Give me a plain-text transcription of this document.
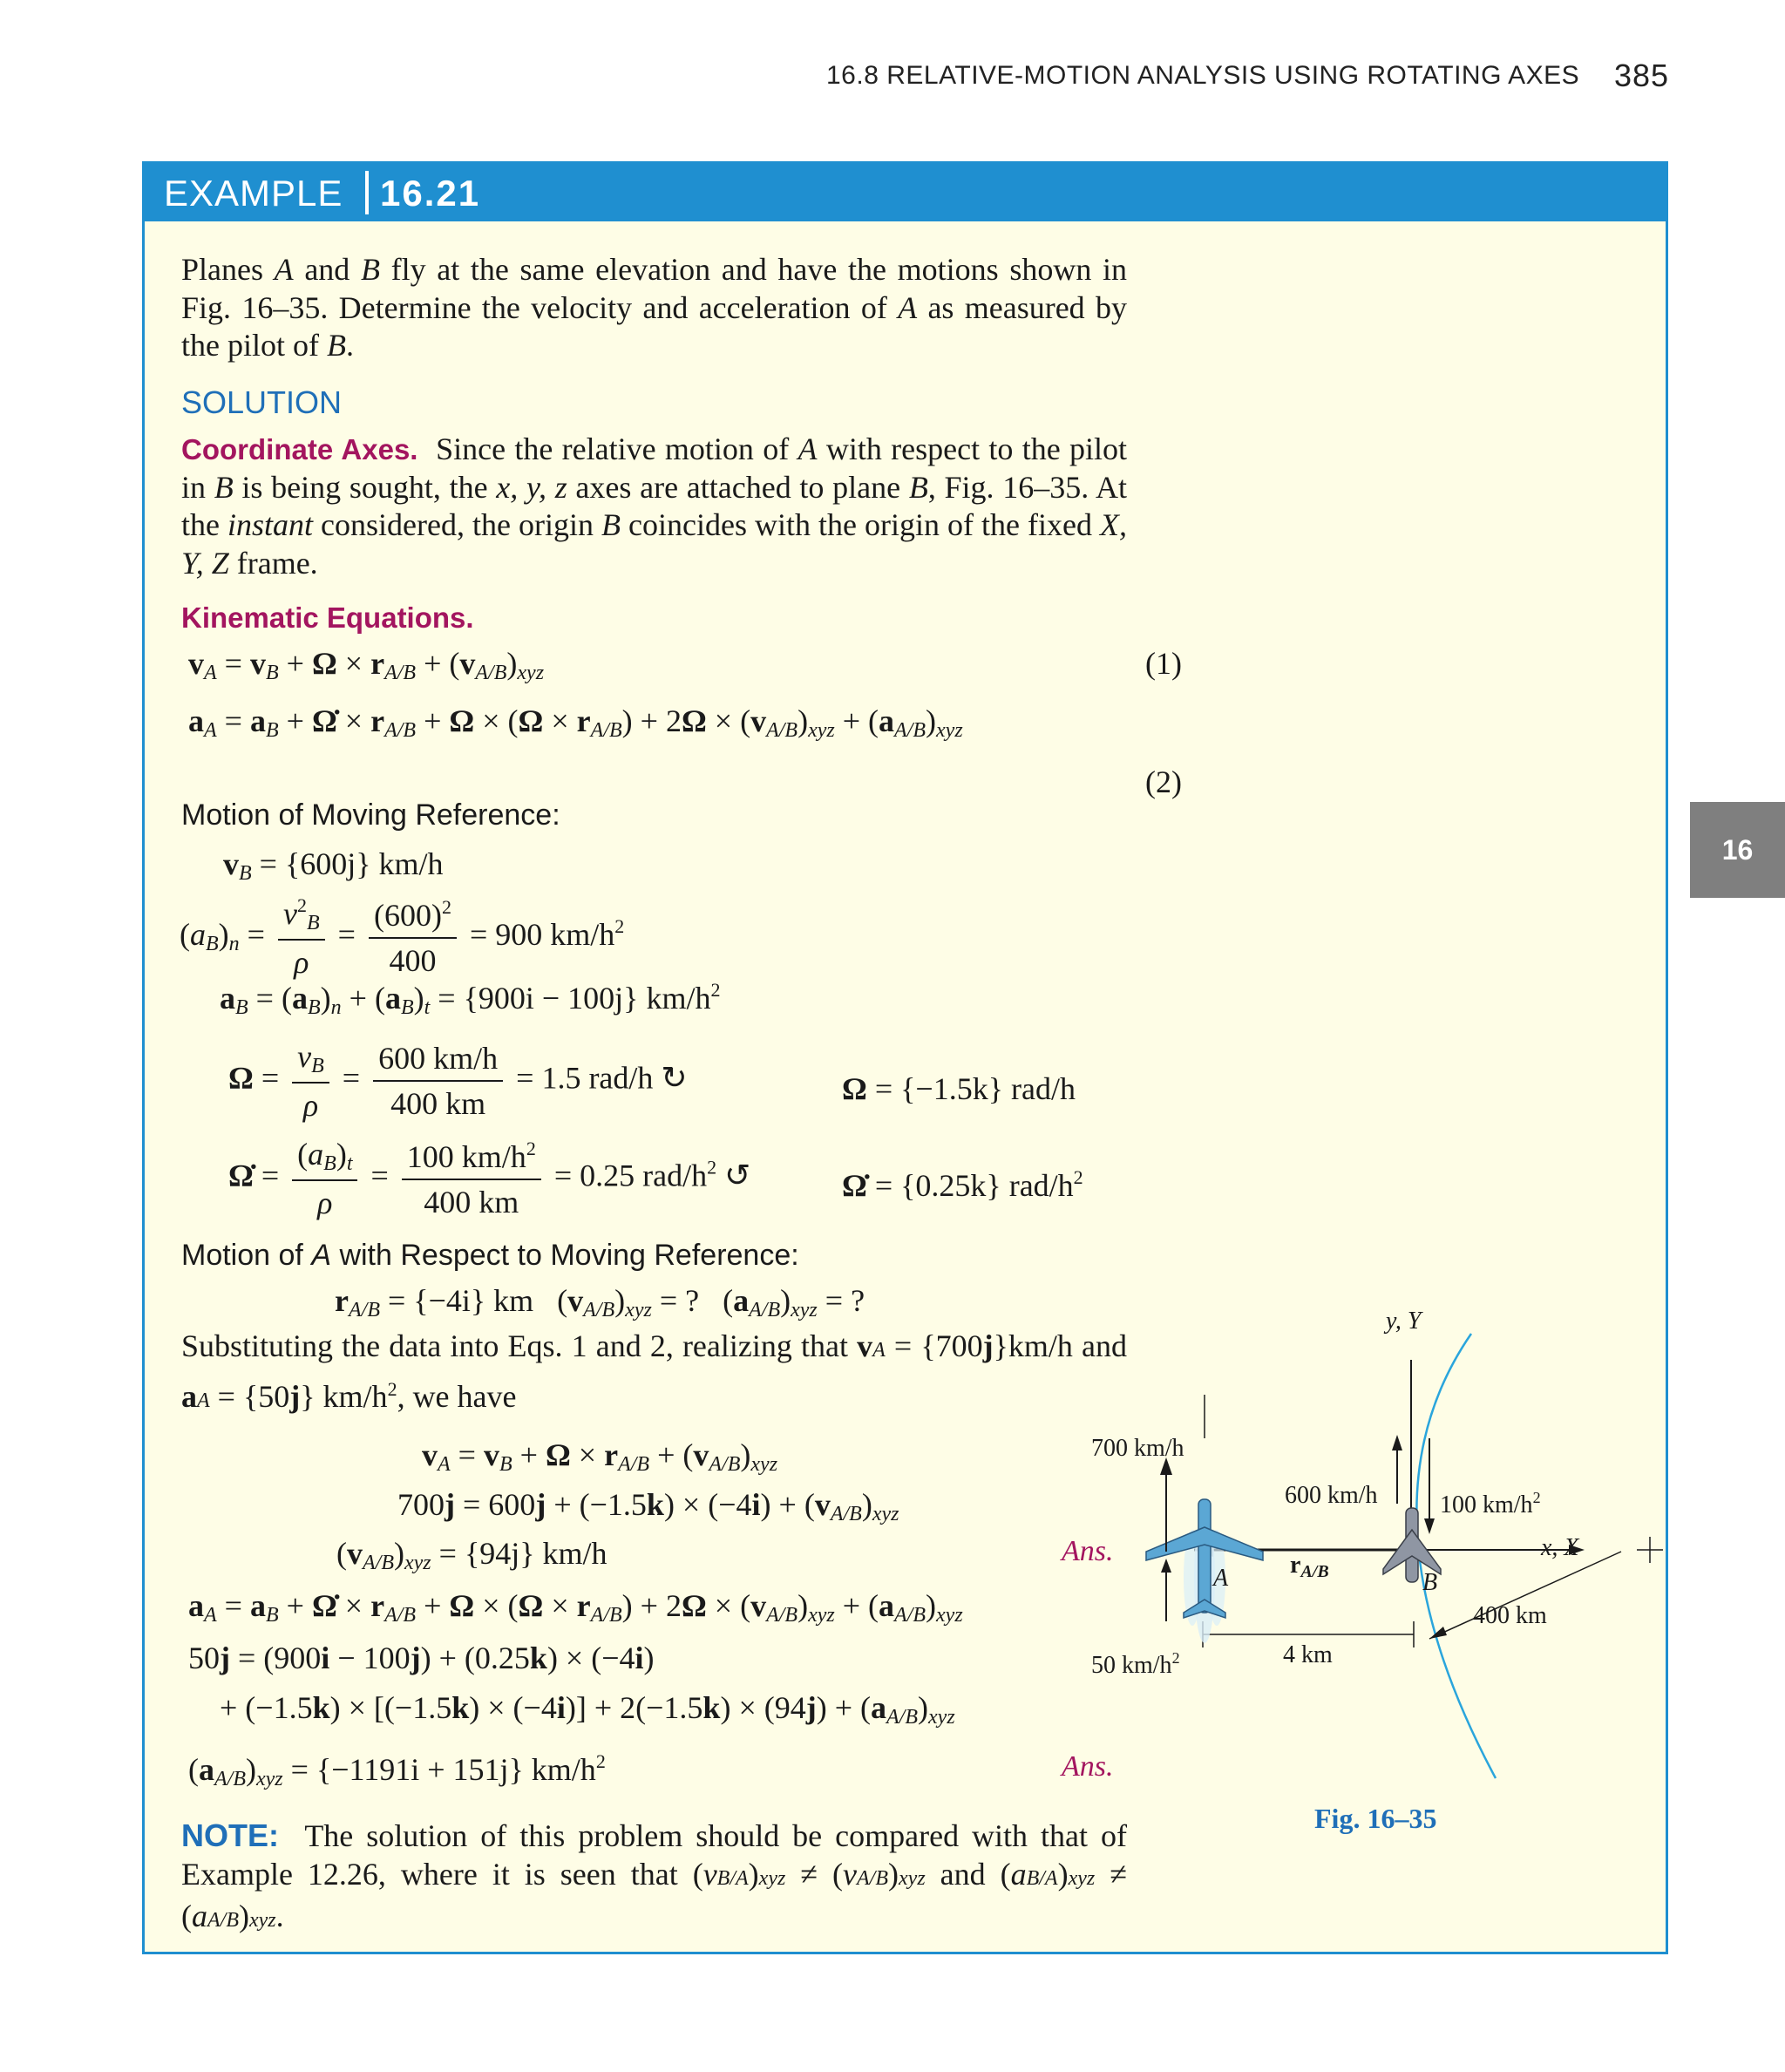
16.8 RELATIVE-MOTION ANALYSIS USING ROTATING AXES 385
16
EXAMPLE 16.21
Planes A and B fly at the same elevation and have the motions shown in Fig. 16–35. Determine the velocity and acceleration of A as measured by the pilot of B.
SOLUTION
Coordinate Axes.  Since the relative motion of A with respect to the pilot in B is being sought, the x, y, z axes are attached to plane B, Fig. 16–35. At the instant considered, the origin B coincides with the origin of the fixed X, Y, Z frame.
Kinematic Equations.
$v_A = v_B + \Omega \times r_{A/B} + (v_{A/B})_{xyz}$	(1)
$a_A = a_B$ + Ω̇ × $r_{A/B} + \Omega \times (\Omega \times r_{A/B}) + 2\Omega \times (v_{A/B})_{xyz} + (a_{A/B})_{xyz}$
(2)
Motion of Moving Reference:
$v_B = \{600j\}$ km/h
$(a_B)_n = \frac{v^2_B}{\rho} = \frac{(600)^2}{400} = 900$ $km/h^2$
$a_B = (a_B)_n + (a_B)_t = \{900i - 100j\}$ $km/h^2$
$\Omega = \frac{v_B}{\rho} = \frac{600 km/h}{400 km} = 1.5$ rad/h ↻	Ω = {−1.5k} rad/h
Ω̇ = $\frac{(a_B)_t}{\rho} = \frac{100 km/h^2}{400 km} = 0.25$ rad/$h^2$ ↺	Ω̇ = {0.25k} rad/$h^2$
Motion of A with Respect to Moving Reference:
$r_{A/B} = \{-4i\}$ km   $(v_{A/B})_{xyz}$ = ?   $(a_{A/B})_{xyz}$ = ?
Substituting the data into Eqs. 1 and 2, realizing that vA = {700j}km/h and aA = {50j} $km/h^2$, we have
$v_A = v_B + \Omega \times r_{A/B} + (v_{A/B})_{xyz}$
$700j = 600j + (-1.5k) \times (-4i) + (v_{A/B})_{xyz}$
$(v_{A/B})_{xyz} = \{94j\}$ km/h	Ans.
$a_A = a_B$ + Ω̇ × $r_{A/B} + \Omega \times (\Omega \times r_{A/B}) + 2\Omega \times (v_{A/B})_{xyz} + (a_{A/B})_{xyz}$
50j = (900i − 100j) + (0.25k) × (−4i)
+ $(-1.5k) \times [(-1.5k) \times (-4i)] + 2(-1.5k) \times (94j) + (a_{A/B})_{xyz}$
$(a_{A/B})_{xyz} = \{-1191i + 151j\}$ $km/h^2$	Ans.
NOTE:  The solution of this problem should be compared with that of Example 12.26, where it is seen that (vB/A)xyz ≠ (vA/B)xyz and (aB/A)xyz ≠ (aA/B)xyz.
y, Y
x, X
700 km/h
50 $km/h^2$
600 km/h	100 $km/h^2$
$r_{A/B}$
4 km
400 km
A	B
Fig. 16–35
